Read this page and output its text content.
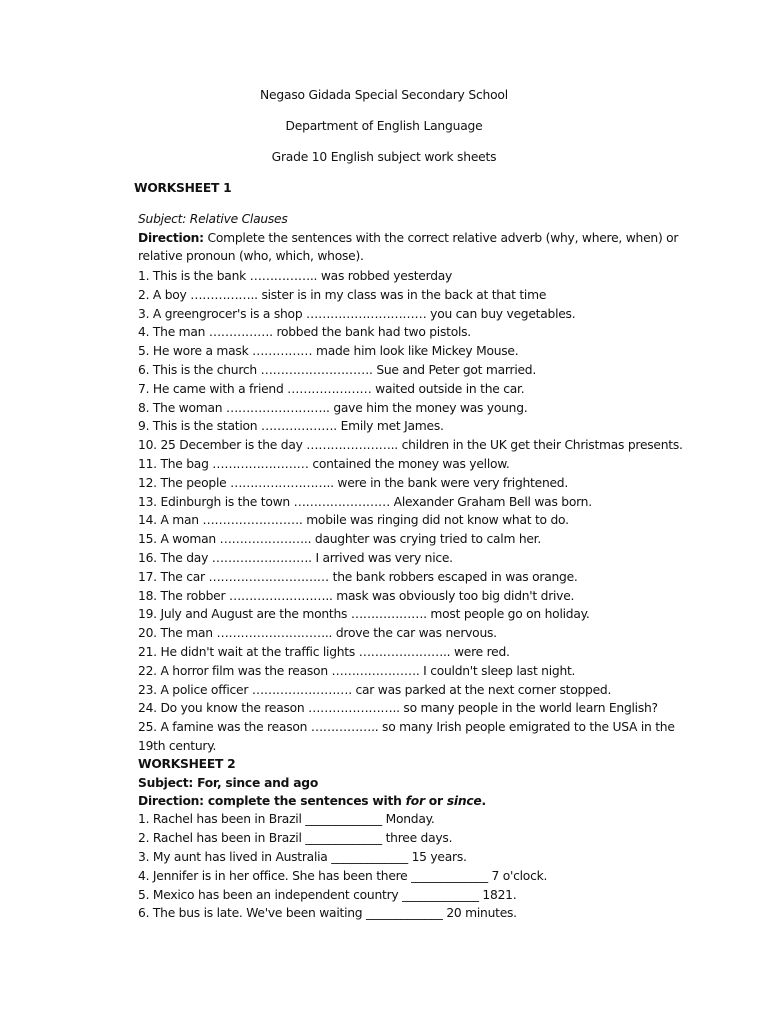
Negaso Gidada Special Secondary School
Department of English Language
Grade 10 English subject work sheets
WORKSHEET 1
Subject: Relative Clauses
Direction: Complete the sentences with the correct relative adverb (why, where, when) or
relative pronoun (who, which, whose).
1. This is the bank …………….. was robbed yesterday
2. A boy …………….. sister is in my class was in the back at that time
3. A greengrocer's is a shop ………………………… you can buy vegetables.
4. The man ……………. robbed the bank had two pistols.
5. He wore a mask …………… made him look like Mickey Mouse.
6. This is the church ………………………. Sue and Peter got married.
7. He came with a friend ………………… waited outside in the car.
8. The woman …………………….. gave him the money was young.
9. This is the station ………………. Emily met James.
10. 25 December is the day ………………….. children in the UK get their Christmas presents.
11. The bag …………………… contained the money was yellow.
12. The people …………………….. were in the bank were very frightened.
13. Edinburgh is the town …………………… Alexander Graham Bell was born.
14. A man ……………………. mobile was ringing did not know what to do.
15. A woman ………………….. daughter was crying tried to calm her.
16. The day ……………………. I arrived was very nice.
17. The car ………………………… the bank robbers escaped in was orange.
18. The robber …………………….. mask was obviously too big didn't drive.
19. July and August are the months ………………. most people go on holiday.
20. The man ……………………….. drove the car was nervous.
21. He didn't wait at the traffic lights ………………….. were red.
22. A horror film was the reason …………………. I couldn't sleep last night.
23. A police officer ……………………. car was parked at the next corner stopped.
24. Do you know the reason ………………….. so many people in the world learn English?
25. A famine was the reason …………….. so many Irish people emigrated to the USA in the
19th century.
WORKSHEET 2
Subject: For, since and ago
Direction: complete the sentences with for or since.
1. Rachel has been in Brazil _____________ Monday.
2. Rachel has been in Brazil _____________ three days.
3. My aunt has lived in Australia _____________ 15 years.
4. Jennifer is in her office. She has been there _____________ 7 o'clock.
5. Mexico has been an independent country _____________ 1821.
6. The bus is late. We've been waiting _____________ 20 minutes.
